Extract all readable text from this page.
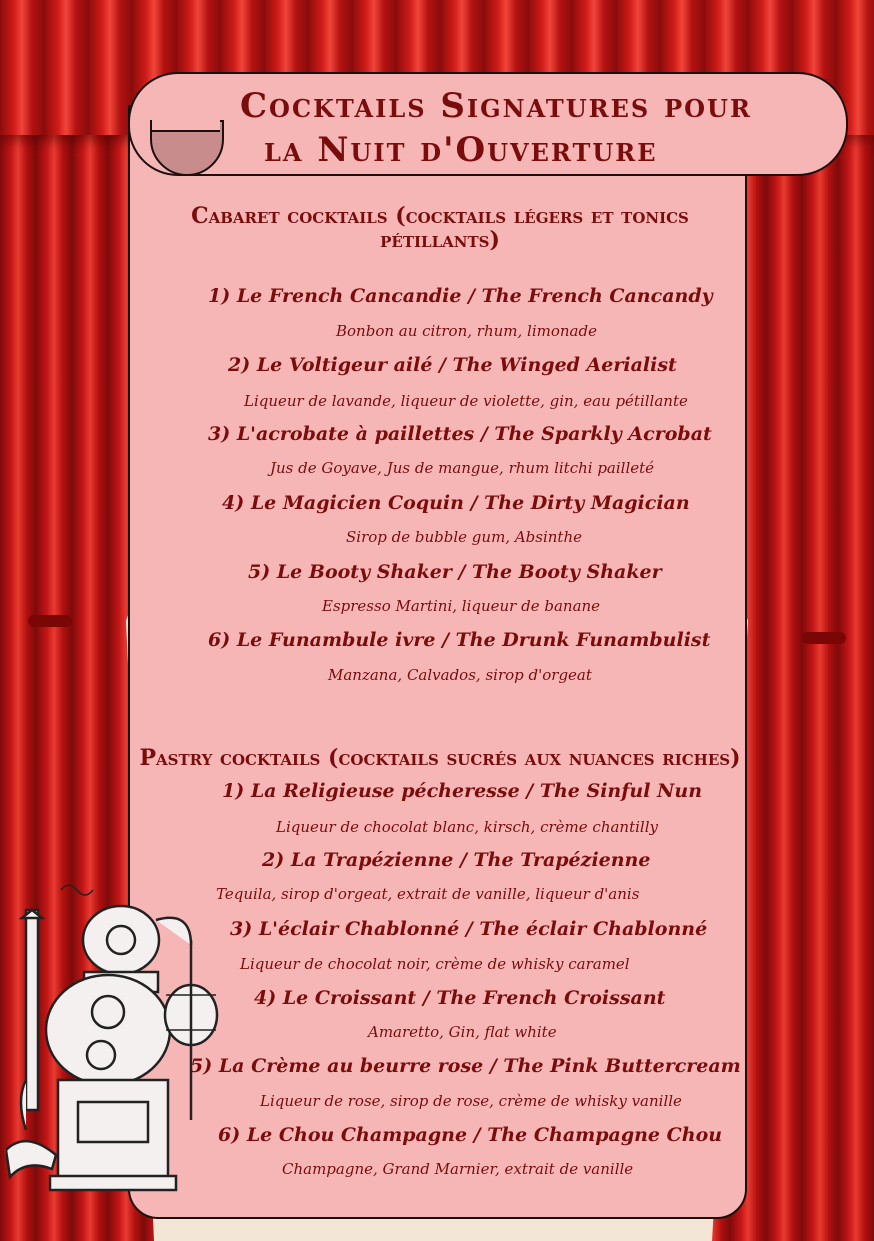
Cocktails Signatures pour
la Nuit d'Ouverture
Cabaret cocktails (cocktails légers et tonics pétillants)

1) Le French Cancandie / The French Cancandy

Bonbon au citron, rhum, limonade

2) Le Voltigeur ailé / The Winged Aerialist

Liqueur de lavande, liqueur de violette, gin, eau pétillante

3) L'acrobate à paillettes / The Sparkly Acrobat

Jus de Goyave, Jus de mangue, rhum litchi pailleté

4) Le Magicien Coquin / The Dirty Magician

Sirop de bubble gum, Absinthe

5) Le Booty Shaker / The Booty Shaker

Espresso Martini, liqueur de banane

6) Le Funambule ivre / The Drunk Funambulist

Manzana, Calvados, sirop d'orgeat

Pastry cocktails (cocktails sucrés aux nuances riches)

1) La Religieuse pécheresse / The Sinful Nun

Liqueur de chocolat blanc, kirsch, crème chantilly

2) La Trapézienne / The Trapézienne

Tequila, sirop d'orgeat, extrait de vanille, liqueur d'anis

3) L'éclair Chablonné / The éclair Chablonné

Liqueur de chocolat noir, crème de whisky caramel

4) Le Croissant / The French Croissant

Amaretto, Gin, flat white

5) La Crème au beurre rose / The Pink Buttercream

Liqueur de rose, sirop de rose, crème de whisky vanille

6) Le Chou Champagne / The Champagne Chou

Champagne, Grand Marnier, extrait de vanille
